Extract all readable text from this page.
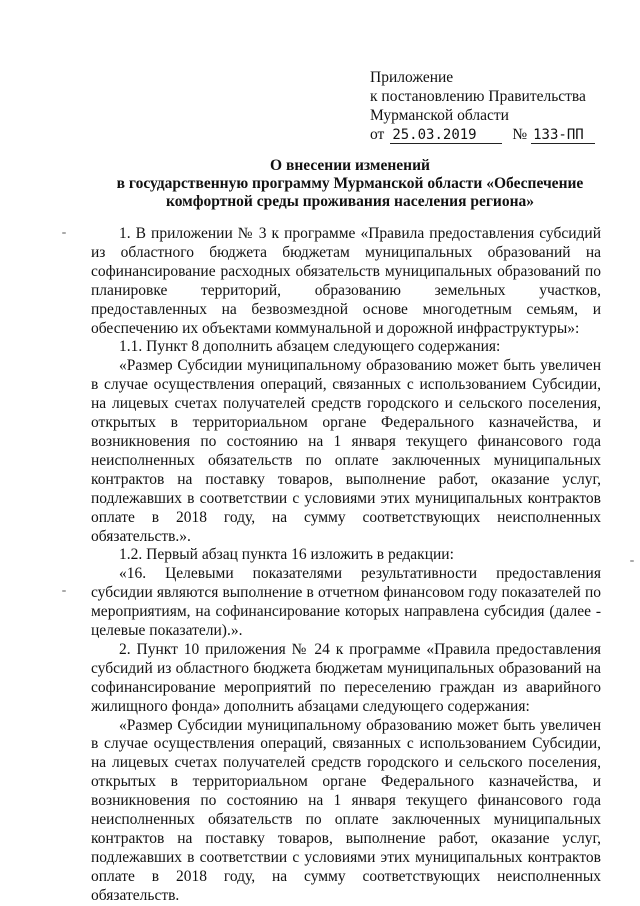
Приложение
к постановлению Правительства
Мурманской области
от 25.03.2019 № 133-ПП
О внесении изменений
в государственную программу Мурманской области «Обеспечение
комфортной среды проживания населения региона»

1. В приложении № 3 к программе «Правила предоставления субсидий из областного бюджета бюджетам муниципальных образований на софинансирование расходных обязательств муниципальных образований по планировке территорий, образованию земельных участков, предоставленных на безвозмездной основе многодетным семьям, и обеспечению их объектами коммунальной и дорожной инфраструктуры»:

1.1. Пункт 8 дополнить абзацем следующего содержания:

«Размер Субсидии муниципальному образованию может быть увеличен в случае осуществления операций, связанных с использованием Субсидии, на лицевых счетах получателей средств городского и сельского поселения, открытых в территориальном органе Федерального казначейства, и возникновения по состоянию на 1 января текущего финансового года неисполненных обязательств по оплате заключенных муниципальных контрактов на поставку товаров, выполнение работ, оказание услуг, подлежавших в соответствии с условиями этих муниципальных контрактов оплате в 2018 году, на сумму соответствующих неисполненных обязательств.».

1.2. Первый абзац пункта 16 изложить в редакции:

«16. Целевыми показателями результативности предоставления субсидии являются выполнение в отчетном финансовом году показателей по мероприятиям, на софинансирование которых направлена субсидия (далее - целевые показатели).».

2. Пункт 10 приложения № 24 к программе «Правила предоставления субсидий из областного бюджета бюджетам муниципальных образований на софинансирование мероприятий по переселению граждан из аварийного жилищного фонда» дополнить абзацами следующего содержания:

«Размер Субсидии муниципальному образованию может быть увеличен в случае осуществления операций, связанных с использованием Субсидии, на лицевых счетах получателей средств городского и сельского поселения, открытых в территориальном органе Федерального казначейства, и возникновения по состоянию на 1 января текущего финансового года неисполненных обязательств по оплате заключенных муниципальных контрактов на поставку товаров, выполнение работ, оказание услуг, подлежавших в соответствии с условиями этих муниципальных контрактов оплате в 2018 году, на сумму соответствующих неисполненных обязательств.
